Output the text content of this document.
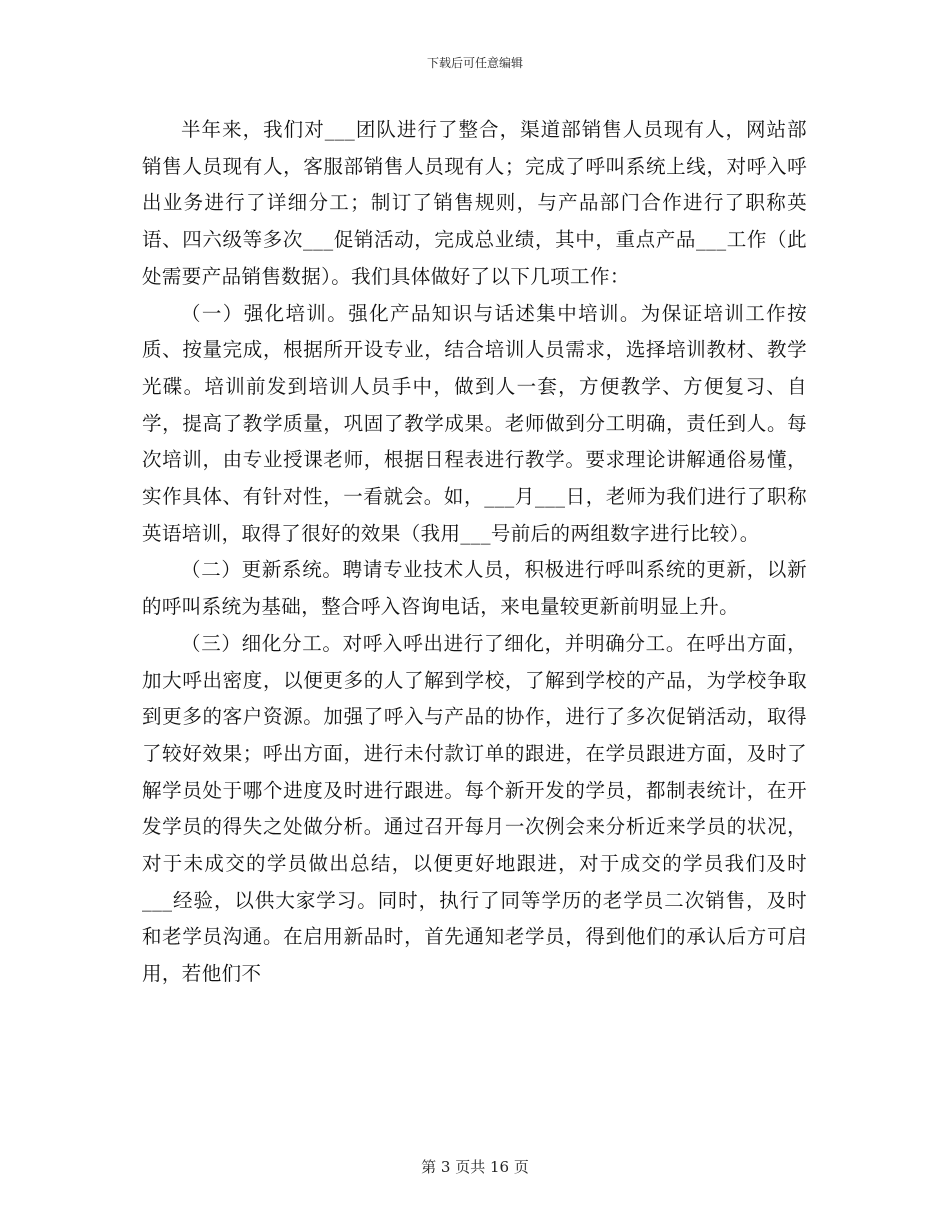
下载后可任意编辑

半年来，我们对___团队进行了整合，渠道部销售人员现有人，网站部销售人员现有人，客服部销售人员现有人；完成了呼叫系统上线，对呼入呼出业务进行了详细分工；制订了销售规则，与产品部门合作进行了职称英语、四六级等多次___促销活动，完成总业绩，其中，重点产品___工作（此处需要产品销售数据）。我们具体做好了以下几项工作：

（一）强化培训。强化产品知识与话述集中培训。为保证培训工作按质、按量完成，根据所开设专业，结合培训人员需求，选择培训教材、教学光碟。培训前发到培训人员手中，做到人一套，方便教学、方便复习、自学，提高了教学质量，巩固了教学成果。老师做到分工明确，责任到人。每次培训，由专业授课老师，根据日程表进行教学。要求理论讲解通俗易懂，实作具体、有针对性，一看就会。如，___月___日，老师为我们进行了职称英语培训，取得了很好的效果（我用___号前后的两组数字进行比较）。

（二）更新系统。聘请专业技术人员，积极进行呼叫系统的更新，以新的呼叫系统为基础，整合呼入咨询电话，来电量较更新前明显上升。

（三）细化分工。对呼入呼出进行了细化，并明确分工。在呼出方面，加大呼出密度，以便更多的人了解到学校，了解到学校的产品，为学校争取到更多的客户资源。加强了呼入与产品的协作，进行了多次促销活动，取得了较好效果；呼出方面，进行未付款订单的跟进，在学员跟进方面，及时了解学员处于哪个进度及时进行跟进。每个新开发的学员，都制表统计，在开发学员的得失之处做分析。通过召开每月一次例会来分析近来学员的状况，对于未成交的学员做出总结，以便更好地跟进，对于成交的学员我们及时___经验，以供大家学习。同时，执行了同等学历的老学员二次销售，及时和老学员沟通。在启用新品时，首先通知老学员，得到他们的承认后方可启用，若他们不

第 3 页共 16 页
